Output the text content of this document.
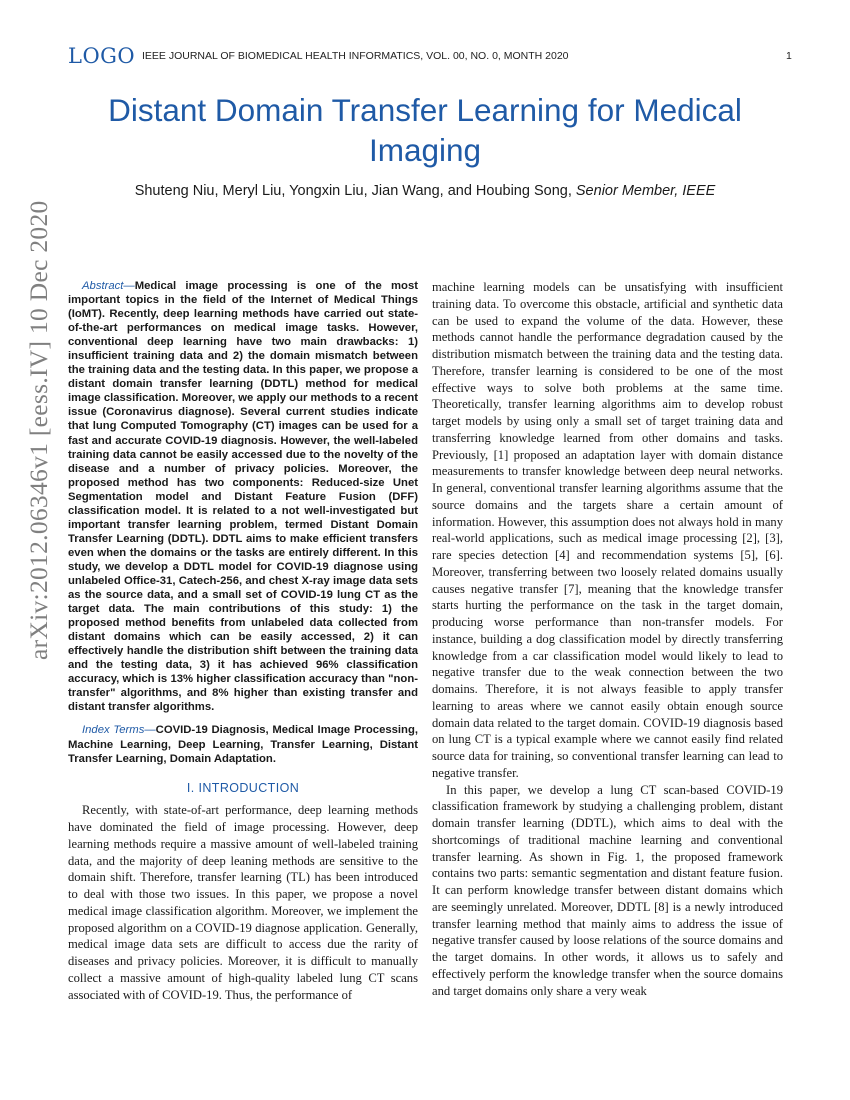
LOGO IEEE JOURNAL OF BIOMEDICAL HEALTH INFORMATICS, VOL. 00, NO. 0, MONTH 2020	1
Distant Domain Transfer Learning for Medical Imaging
Shuteng Niu, Meryl Liu, Yongxin Liu, Jian Wang, and Houbing Song, Senior Member, IEEE
arXiv:2012.06346v1 [eess.IV] 10 Dec 2020	Abstract—Medical image processing is one of the most important topics in the field of the Internet of Medical Things (IoMT). Recently, deep learning methods have carried out state-of-the-art performances on medical image tasks. However, conventional deep learning have two main drawbacks: 1) insufficient training data and 2) the domain mismatch between the training data and the testing data. In this paper, we propose a distant domain transfer learning (DDTL) method for medical image classification. Moreover, we apply our methods to a recent issue (Coronavirus diagnose). Several current studies indicate that lung Computed Tomography (CT) images can be used for a fast and accurate COVID-19 diagnosis. However, the well-labeled training data cannot be easily accessed due to the novelty of the disease and a number of privacy policies. Moreover, the proposed method has two components: Reduced-size Unet Segmentation model and Distant Feature Fusion (DFF) classification model. It is related to a not well-investigated but important transfer learning problem, termed Distant Domain Transfer Learning (DDTL). DDTL aims to make efficient transfers even when the domains or the tasks are entirely different. In this study, we develop a DDTL model for COVID-19 diagnose using unlabeled Office-31, Catech-256, and chest X-ray image data sets as the source data, and a small set of COVID-19 lung CT as the target data. The main contributions of this study: 1) the proposed method benefits from unlabeled data collected from distant domains which can be easily accessed, 2) it can effectively handle the distribution shift between the training data and the testing data, 3) it has achieved 96% classification accuracy, which is 13% higher classification accuracy than "non-transfer" algorithms, and 8% higher than existing transfer and distant transfer algorithms.

Index Terms—COVID-19 Diagnosis, Medical Image Processing, Machine Learning, Deep Learning, Transfer Learning, Distant Transfer Learning, Domain Adaptation.

I. INTRODUCTION

Recently, with state-of-art performance, deep learning methods have dominated the field of image processing. However, deep learning methods require a massive amount of well-labeled training data, and the majority of deep leaning methods are sensitive to the domain shift. Therefore, transfer learning (TL) has been introduced to deal with those two issues. In this paper, we propose a novel medical image classification algorithm. Moreover, we implement the proposed algorithm on a COVID-19 diagnose application. Generally, medical image data sets are difficult to access due the rarity of diseases and privacy policies. Moreover, it is difficult to manually collect a massive amount of high-quality labeled lung CT scans associated with of COVID-19. Thus, the performance of

machine learning models can be unsatisfying with insufficient training data. To overcome this obstacle, artificial and synthetic data can be used to expand the volume of the data. However, these methods cannot handle the performance degradation caused by the distribution mismatch between the training data and the testing data. Therefore, transfer learning is considered to be one of the most effective ways to solve both problems at the same time. Theoretically, transfer learning algorithms aim to develop robust target models by using only a small set of target training data and transferring knowledge learned from other domains and tasks. Previously, [1] proposed an adaptation layer with domain distance measurements to transfer knowledge between deep neural networks. In general, conventional transfer learning algorithms assume that the source domains and the targets share a certain amount of information. However, this assumption does not always hold in many real-world applications, such as medical image processing [2], [3], rare species detection [4] and recommendation systems [5], [6]. Moreover, transferring between two loosely related domains usually causes negative transfer [7], meaning that the knowledge transfer starts hurting the performance on the task in the target domain, producing worse performance than non-transfer models. For instance, building a dog classification model by directly transferring knowledge from a car classification model would likely to lead to negative transfer due to the weak connection between the two domains. Therefore, it is not always feasible to apply transfer learning to areas where we cannot easily obtain enough source domain data related to the target domain. COVID-19 diagnosis based on lung CT is a typical example where we cannot easily find related source data for training, so conventional transfer learning can lead to negative transfer.

In this paper, we develop a lung CT scan-based COVID-19 classification framework by studying a challenging problem, distant domain transfer learning (DDTL), which aims to deal with the shortcomings of traditional machine learning and conventional transfer learning. As shown in Fig. 1, the proposed framework contains two parts: semantic segmentation and distant feature fusion. It can perform knowledge transfer between distant domains which are seemingly unrelated. Moreover, DDTL [8] is a newly introduced transfer learning method that mainly aims to address the issue of negative transfer caused by loose relations of the source domains and the target domains. In other words, it allows us to safely and effectively perform the knowledge transfer when the source domains and target domains only share a very weak
